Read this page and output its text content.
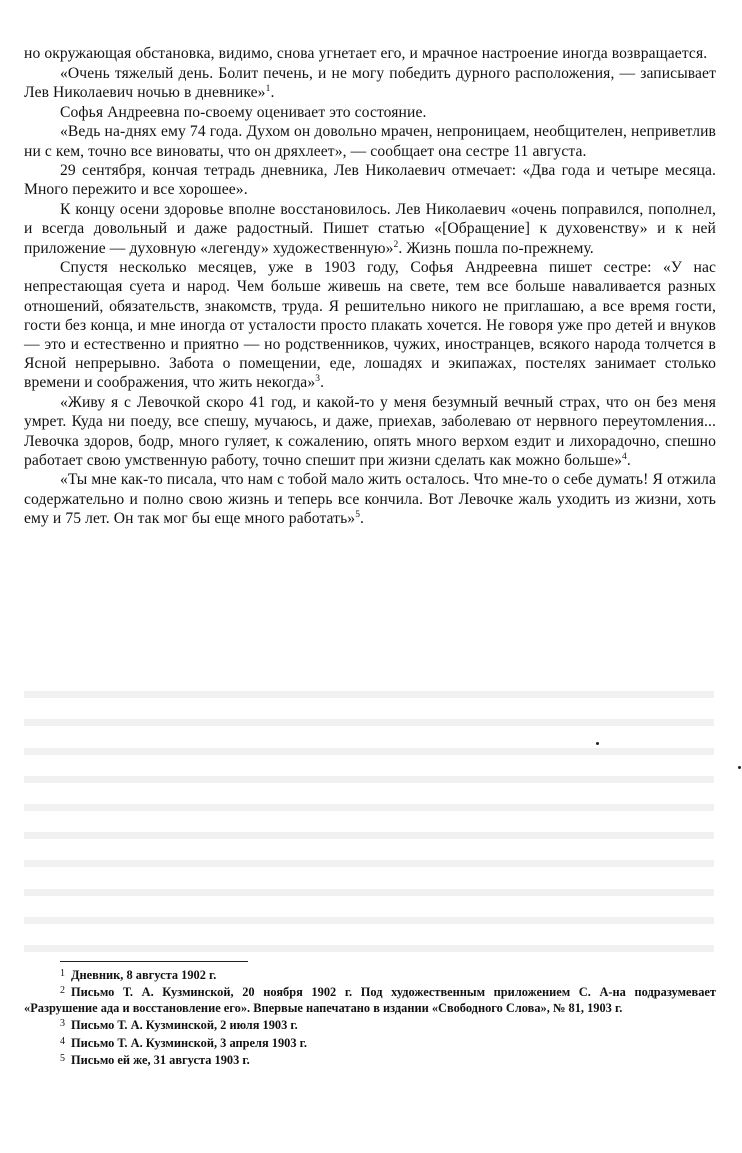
но окружающая обстановка, видимо, снова угнетает его, и мрачное настроение иногда возвращается.

«Очень тяжелый день. Болит печень, и не могу победить дурного расположения, — записывает Лев Николаевич ночью в дневнике»$^1$.

Софья Андреевна по-своему оценивает это состояние.

«Ведь на-днях ему 74 года. Духом он довольно мрачен, непроницаем, необщителен, неприветлив ни с кем, точно все виноваты, что он дряхлеет», — сообщает она сестре 11 августа.

29 сентября, кончая тетрадь дневника, Лев Николаевич отмечает: «Два года и четыре месяца. Много пережито и все хорошее».

К концу осени здоровье вполне восстановилось. Лев Николаевич «очень поправился, пополнел, и всегда довольный и даже радостный. Пишет статью «[Обращение] к духовенству» и к ней приложение — духовную «легенду» художественную»$^2$. Жизнь пошла по-прежнему.

Спустя несколько месяцев, уже в 1903 году, Софья Андреевна пишет сестре: «У нас непрестающая суета и народ. Чем больше живешь на свете, тем все больше наваливается разных отношений, обязательств, знакомств, труда. Я решительно никого не приглашаю, а все время гости, гости без конца, и мне иногда от усталости просто плакать хочется. Не говоря уже про детей и внуков — это и естественно и приятно — но родственников, чужих, иностранцев, всякого народа толчется в Ясной непрерывно. Забота о помещении, еде, лошадях и экипажах, постелях занимает столько времени и соображения, что жить некогда»$^3$.

«Живу я с Левочкой скоро 41 год, и какой-то у меня безумный вечный страх, что он без меня умрет. Куда ни поеду, все спешу, мучаюсь, и даже, приехав, заболеваю от нервного переутомления... Левочка здоров, бодр, много гуляет, к сожалению, опять много верхом ездит и лихорадочно, спешно работает свою умственную работу, точно спешит при жизни сделать как можно больше»$^4$.

«Ты мне как-то писала, что нам с тобой мало жить осталось. Что мне-то о себе думать! Я отжила содержательно и полно свою жизнь и теперь все кончила. Вот Левочке жаль уходить из жизни, хоть ему и 75 лет. Он так мог бы еще много работать»$^5$.

$^1$ Дневник, 8 августа 1902 г.

$^2$ Письмо Т. А. Кузминской, 20 ноября 1902 г. Под художественным приложением С. А-на подразумевает «Разрушение ада и восстановление его». Впервые напечатано в издании «Свободного Слова», № 81, 1903 г.

$^3$ Письмо Т. А. Кузминской, 2 июля 1903 г.

$^4$ Письмо Т. А. Кузминской, 3 апреля 1903 г.

$^5$ Письмо ей же, 31 августа 1903 г.
